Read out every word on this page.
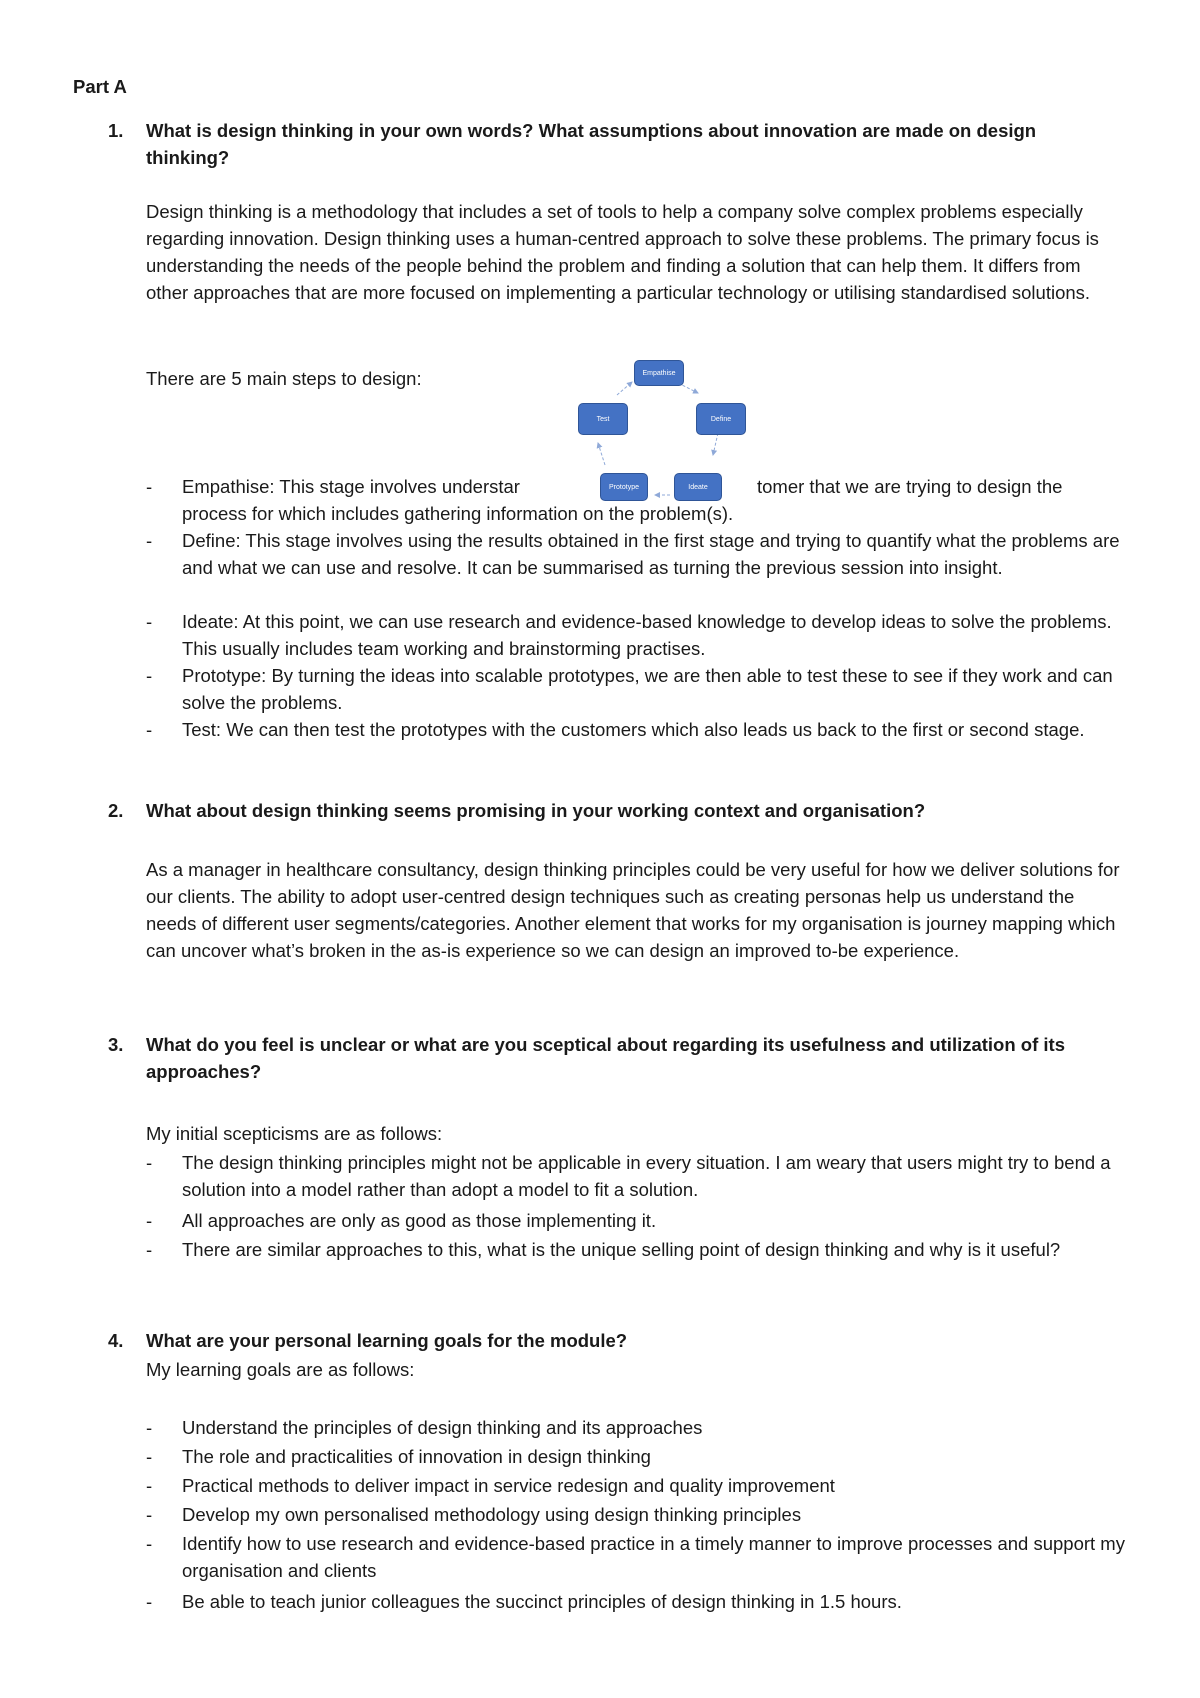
Part A
1. What is design thinking in your own words? What assumptions about innovation are made on design thinking?
Design thinking is a methodology that includes a set of tools to help a company solve complex problems especially regarding innovation. Design thinking uses a human-centred approach to solve these problems. The primary focus is understanding the needs of the people behind the problem and finding a solution that can help them. It differs from other approaches that are more focused on implementing a particular technology or utilising standardised solutions.
There are 5 main steps to design:	Empathise
Define
Ideate
Prototype
Test
- Empathise: This stage involves understar	tomer that we are trying to design the
process for which includes gathering information on the problem(s).
- Define: This stage involves using the results obtained in the first stage and trying to quantify what the problems are and what we can use and resolve. It can be summarised as turning the previous session into insight.
- Ideate: At this point, we can use research and evidence-based knowledge to develop ideas to solve the problems. This usually includes team working and brainstorming practises.
- Prototype: By turning the ideas into scalable prototypes, we are then able to test these to see if they work and can solve the problems.
- Test: We can then test the prototypes with the customers which also leads us back to the first or second stage.
2. What about design thinking seems promising in your working context and organisation?
As a manager in healthcare consultancy, design thinking principles could be very useful for how we deliver solutions for our clients. The ability to adopt user-centred design techniques such as creating personas help us understand the needs of different user segments/categories. Another element that works for my organisation is journey mapping which can uncover what’s broken in the as-is experience so we can design an improved to-be experience.
3. What do you feel is unclear or what are you sceptical about regarding its usefulness and utilization of its approaches?
My initial scepticisms are as follows:
- The design thinking principles might not be applicable in every situation. I am weary that users might try to bend a solution into a model rather than adopt a model to fit a solution.
- All approaches are only as good as those implementing it.
- There are similar approaches to this, what is the unique selling point of design thinking and why is it useful?
4. What are your personal learning goals for the module?
My learning goals are as follows:
- Understand the principles of design thinking and its approaches
- The role and practicalities of innovation in design thinking
- Practical methods to deliver impact in service redesign and quality improvement
- Develop my own personalised methodology using design thinking principles
- Identify how to use research and evidence-based practice in a timely manner to improve processes and support my organisation and clients
- Be able to teach junior colleagues the succinct principles of design thinking in 1.5 hours.
